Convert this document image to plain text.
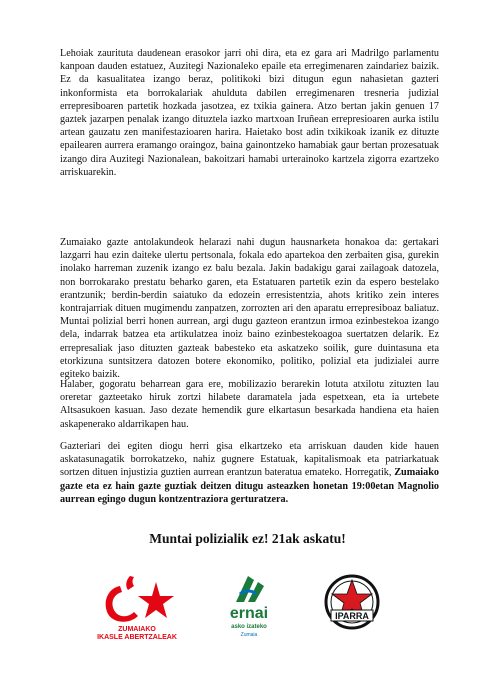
Lehoiak zaurituta daudenean erasokor jarri ohi dira, eta ez gara ari Madrilgo parlamentu kanpoan dauden estatuez, Auzitegi Nazionaleko epaile eta erregimenaren zaindariez baizik. Ez da kasualitatea izango beraz, politikoki bizi ditugun egun nahasietan gazteri inkonformista eta borrokalariak ahulduta dabilen erregimenaren tresneria judizial errepresiboaren partetik hozkada jasotzea, ez txikia gainera. Atzo bertan jakin genuen 17 gaztek jazarpen penalak izango dituztela iazko martxoan Iruñean errepresioaren aurka istilu artean gauzatu zen manifestazioaren harira. Haietako bost adin txikikoak izanik ez dituzte epailearen aurrera eramango oraingoz, baina gainontzeko hamabiak gaur bertan prozesatuak izango dira Auzitegi Nazionalean, bakoitzari hamabi urterainoko kartzela zigorra ezartzeko arriskuarekin.

Zumaiako gazte antolakundeok helarazi nahi dugun hausnarketa honakoa da: gertakari lazgarri hau ezin daiteke ulertu pertsonala, fokala edo apartekoa den zerbaiten gisa, gurekin inolako harreman zuzenik izango ez balu bezala. Jakin badakigu garai zailagoak datozela, non borrokarako prestatu beharko garen, eta Estatuaren partetik ezin da espero bestelako erantzunik; berdin-berdin saiatuko da edozein erresistentzia, ahots kritiko zein interes kontrajarriak dituen mugimendu zanpatzen, zorrozten ari den aparatu errepresiboaz baliatuz. Muntai polizial berri honen aurrean, argi dugu gazteon erantzun irmoa ezinbestekoa izango dela, indarrak batzea eta artikulatzea inoiz baino ezinbestekoagoa suertatzen delarik. Ez errepresaliak jaso dituzten gazteak babesteko eta askatzeko soilik, gure duintasuna eta etorkizuna suntsitzera datozen botere ekonomiko, politiko, polizial eta judizialei aurre egiteko baizik.

Halaber, gogoratu beharrean gara ere, mobilizazio berarekin lotuta atxilotu zituzten lau oreretar gazteetako hiruk zortzi hilabete daramatela jada espetxean, eta ia urtebete Altsasukoen kasuan. Jaso dezate hemendik gure elkartasun besarkada handiena eta haien askapenerako aldarrikapen hau.

Gazteriari dei egiten diogu herri gisa elkartzeko eta arriskuan dauden kide hauen askatasunagatik borrokatzeko, nahiz gugnere Estatuak, kapitalismoak eta patriarkatuak sortzen dituen injustizia guztien aurrean erantzun bateratua emateko. Horregatik, Zumaiako gazte eta ez hain gazte guztiak deitzen ditugu asteazken honetan 19:00etan Magnolio aurrean egingo dugun kontzentraziora gerturatzera.

Muntai polizialik ez! 21ak askatu!

ZUMAIAKO
IKASLE ABERTZALEAK
ernai
asko izateko
Zumaia
IPARRA
